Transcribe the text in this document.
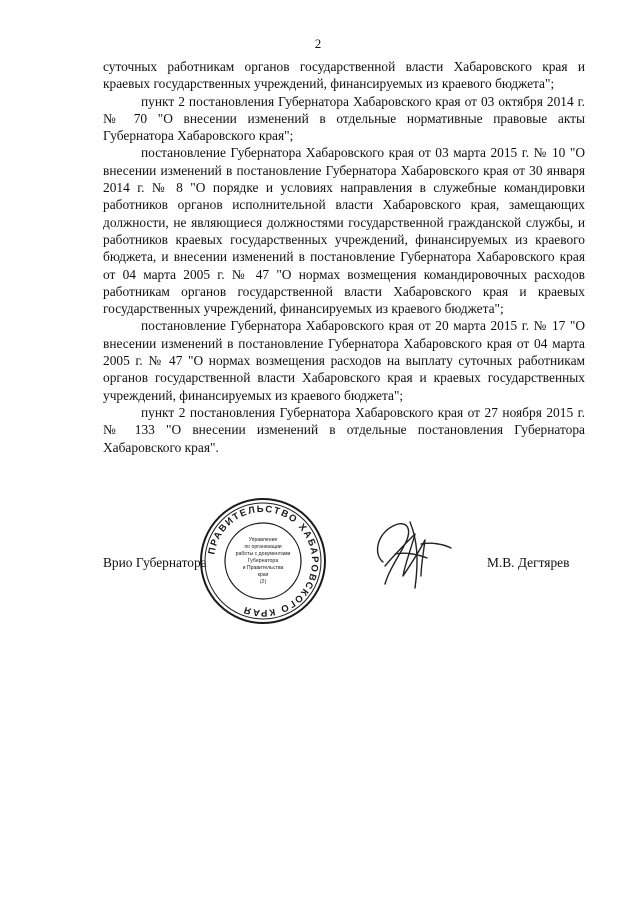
2

суточных работникам органов государственной власти Хабаровского края и краевых государственных учреждений, финансируемых из краевого бюджета";

пункт 2 постановления Губернатора Хабаровского края от 03 октября 2014 г. № 70 "О внесении изменений в отдельные нормативные правовые акты Губернатора Хабаровского края";

постановление Губернатора Хабаровского края от 03 марта 2015 г. № 10 "О внесении изменений в постановление Губернатора Хабаровского края от 30 января 2014 г. № 8 "О порядке и условиях направления в служебные командировки работников органов исполнительной власти Хабаровского края, замещающих должности, не являющиеся должностями государственной гражданской службы, и работников краевых государственных учреждений, финансируемых из краевого бюджета, и внесении изменений в постановление Губернатора Хабаровского края от 04 марта 2005 г. № 47 "О нормах возмещения командировочных расходов работникам органов государственной власти Хабаровского края и краевых государственных учреждений, финансируемых из краевого бюджета";

постановление Губернатора Хабаровского края от 20 марта 2015 г. № 17 "О внесении изменений в постановление Губернатора Хабаровского края от 04 марта 2005 г. № 47 "О нормах возмещения расходов на выплату суточных работникам органов государственной власти Хабаровского края и краевых государственных учреждений, финансируемых из краевого бюджета";

пункт 2 постановления Губернатора Хабаровского края от 27 ноября 2015 г. № 133 "О внесении изменений в отдельные постановления Губернатора Хабаровского края".

Врио Губернатора
ПРАВИТЕЛЬСТВО ХАБАРОВСКОГО КРАЯ
Управление
по организации
работы с документами
Губернатора
и Правительства
края
(2)
М.В. Дегтярев
